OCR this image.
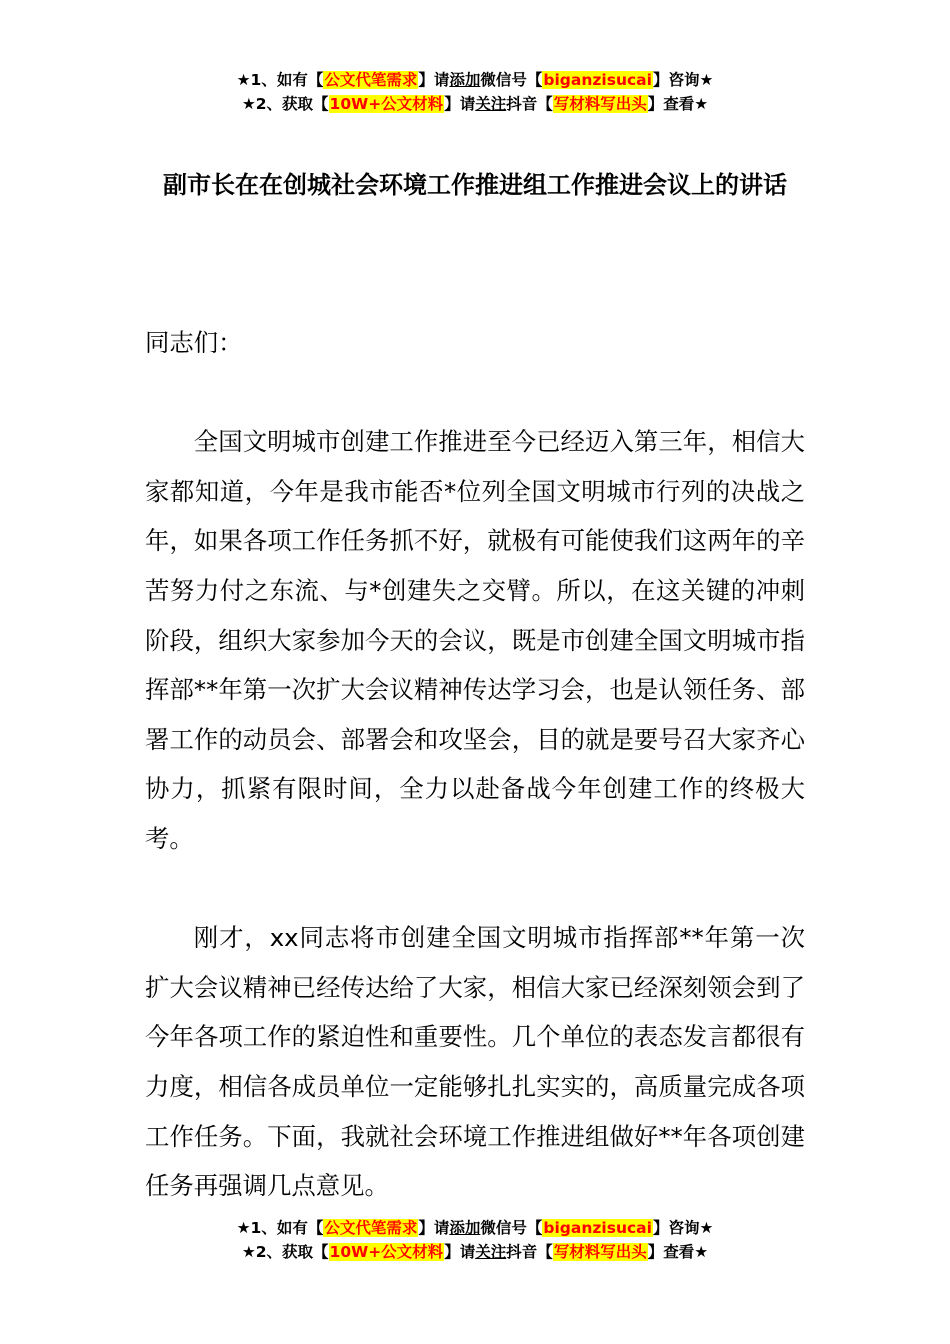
★1、如有【公文代笔需求】请添加微信号【biganzisucai】咨询★
★2、获取【10W+公文材料】请关注抖音【写材料写出头】查看★
副市长在在创城社会环境工作推进组工作推进会议上的讲话

同志们：

全国文明城市创建工作推进至今已经迈入第三年，相信大家都知道，今年是我市能否*位列全国文明城市行列的决战之年，如果各项工作任务抓不好，就极有可能使我们这两年的辛苦努力付之东流、与*创建失之交臂。所以，在这关键的冲刺阶段，组织大家参加今天的会议，既是市创建全国文明城市指挥部**年第一次扩大会议精神传达学习会，也是认领任务、部署工作的动员会、部署会和攻坚会，目的就是要号召大家齐心协力，抓紧有限时间，全力以赴备战今年创建工作的终极大考。

刚才，xx同志将市创建全国文明城市指挥部**年第一次扩大会议精神已经传达给了大家，相信大家已经深刻领会到了今年各项工作的紧迫性和重要性。几个单位的表态发言都很有力度，相信各成员单位一定能够扎扎实实的，高质量完成各项工作任务。下面，我就社会环境工作推进组做好**年各项创建任务再强调几点意见。

★1、如有【公文代笔需求】请添加微信号【biganzisucai】咨询★
★2、获取【10W+公文材料】请关注抖音【写材料写出头】查看★
